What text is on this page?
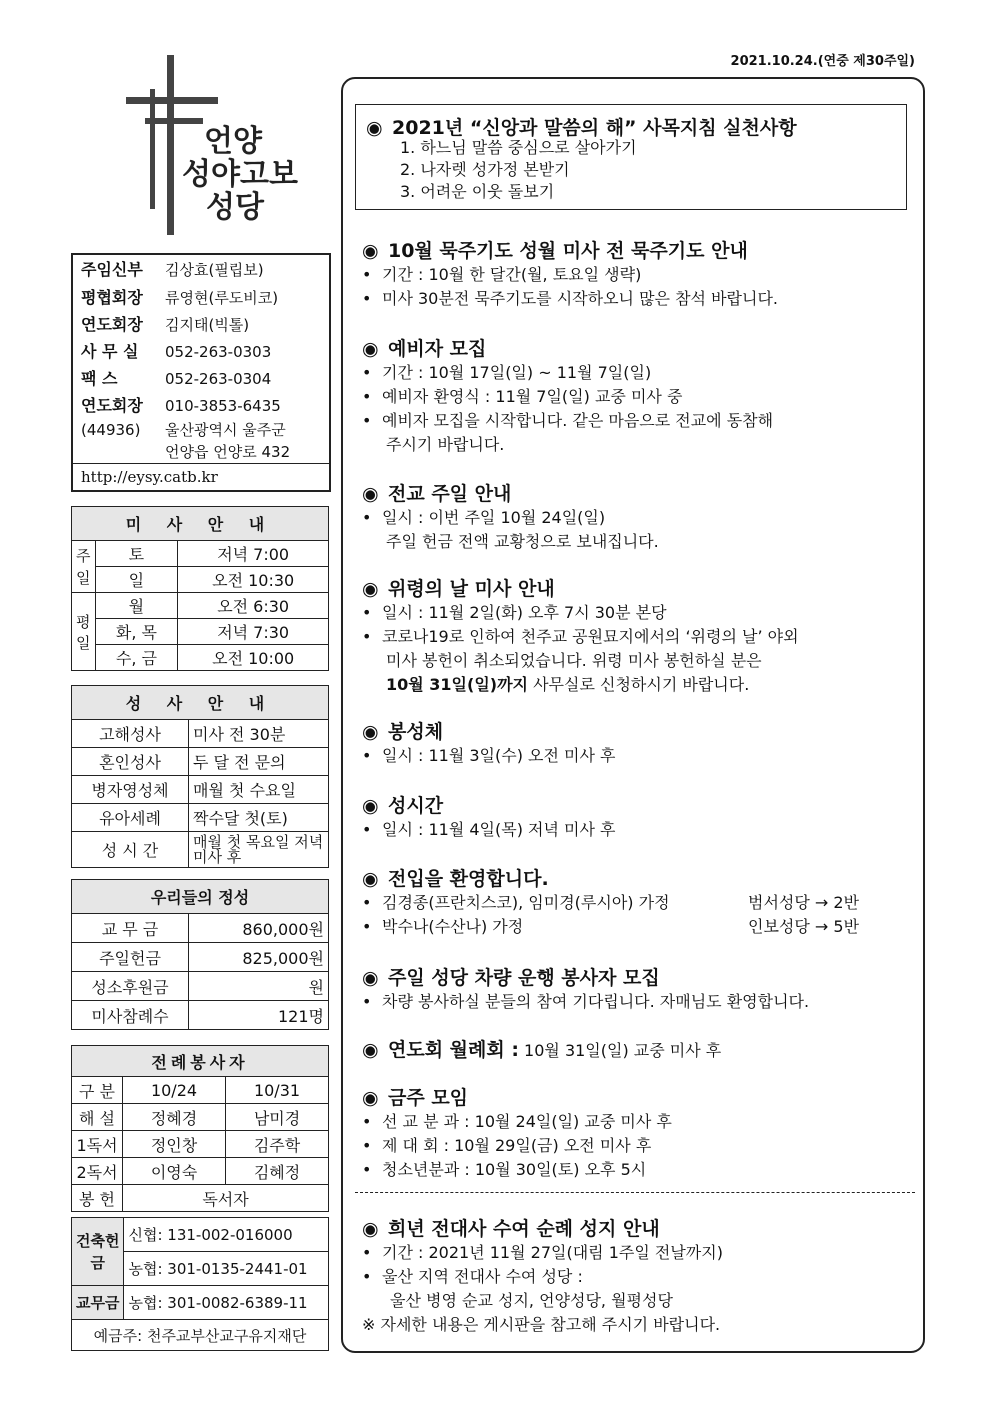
2021.10.24.(연중 제30주일)
언양
성야고보
성당
주임신부 김상효(필립보)
평협회장 류영현(루도비코)
연도회장 김지태(빅톨)
사 무 실 052-263-0303
팩 스	052-263-0304
연도회장 010-3853-6435
(44936) 울산광역시 울주군
언양읍 언양로 432
http://eysy.catb.kr
미 사 안 내		
주일	토	저녁 7:00
	일	오전 10:30
평일	월	오전 6:30
	화, 목	저녁 7:30
	수, 금	오전 10:00
성 사 안 내	
고해성사	미사 전 30분
혼인성사	두 달 전 문의
병자영성체	매월 첫 수요일
유아세례	짝수달 첫(토)
성 시 간	매월 첫 목요일 저녁미사 후
우리들의 정성	
교 무 금	860,000원
주일헌금	825,000원
성소후원금	원
미사참례수	121명
전례봉사자		
구 분	10/24	10/31
해 설	정혜경	남미경
1독서	정인창	김주학
2독서	이영숙	김혜정
봉 헌	독서자	
건축헌금	신협: 131-002-016000
	농협: 301-0135-2441-01
교무금	농협: 301-0082-6389-11
예금주: 천주교부산교구유지재단	
◉ 2021년 “신앙과 말씀의 해” 사목지침 실천사항
1. 하느님 말씀 중심으로 살아가기
2. 나자렛 성가정 본받기
3. 어려운 이웃 돌보기
◉ 10월 묵주기도 성월 미사 전 묵주기도 안내
• 기간 : 10월 한 달간(월, 토요일 생략)
• 미사 30분전 묵주기도를 시작하오니 많은 참석 바랍니다.
◉ 예비자 모집
• 기간 : 10월 17일(일) ~ 11월 7일(일)
• 예비자 환영식 : 11월 7일(일) 교중 미사 중
• 예비자 모집을 시작합니다. 같은 마음으로 전교에 동참해
주시기 바랍니다.
◉ 전교 주일 안내
• 일시 : 이번 주일 10월 24일(일)
주일 헌금 전액 교황청으로 보내집니다.
◉ 위령의 날 미사 안내
• 일시 : 11월 2일(화) 오후 7시 30분 본당
• 코로나19로 인하여 천주교 공원묘지에서의 ‘위령의 날’ 야외
미사 봉헌이 취소되었습니다. 위령 미사 봉헌하실 분은
10월 31일(일)까지 사무실로 신청하시기 바랍니다.
◉ 봉성체
• 일시 : 11월 3일(수) 오전 미사 후
◉ 성시간
• 일시 : 11월 4일(목) 저녁 미사 후
◉ 전입을 환영합니다.
• 김경종(프란치스코), 임미경(루시아) 가정	범서성당 → 2반
• 박수나(수산나) 가정	인보성당 → 5반
◉ 주일 성당 차량 운행 봉사자 모집
• 차량 봉사하실 분들의 참여 기다립니다. 자매님도 환영합니다.
◉ 연도회 월례회 : 10월 31일(일) 교중 미사 후
◉ 금주 모임
• 선 교 분 과 : 10월 24일(일) 교중 미사 후
• 제 대 회 : 10월 29일(금) 오전 미사 후
• 청소년분과 : 10월 30일(토) 오후 5시
◉ 희년 전대사 수여 순례 성지 안내
• 기간 : 2021년 11월 27일(대림 1주일 전날까지)
• 울산 지역 전대사 수여 성당 :
울산 병영 순교 성지, 언양성당, 월평성당
※ 자세한 내용은 게시판을 참고해 주시기 바랍니다.
